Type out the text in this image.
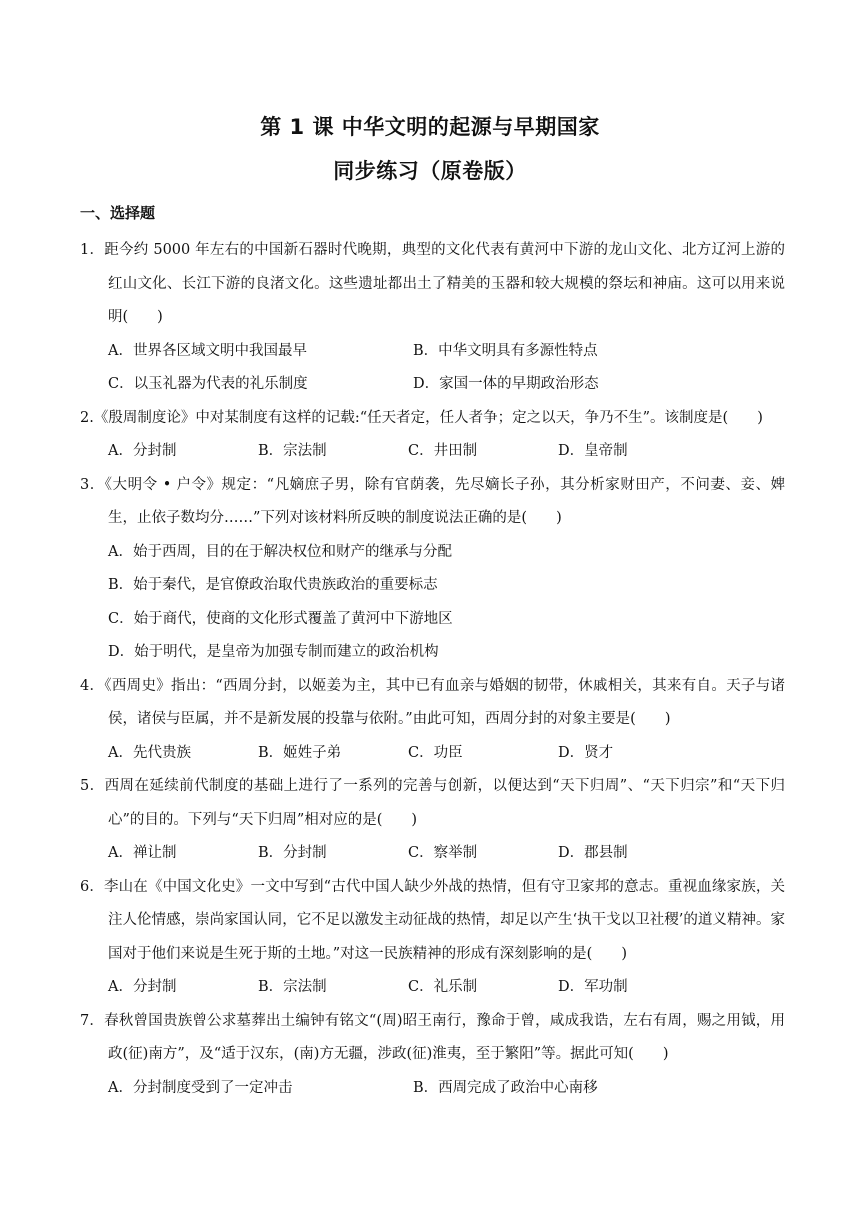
第 1 课 中华文明的起源与早期国家
同步练习（原卷版）
一、选择题

1．距今约 5000 年左右的中国新石器时代晚期，典型的文化代表有黄河中下游的龙山文化、北方辽河上游的红山文化、长江下游的良渚文化。这些遗址都出土了精美的玉器和较大规模的祭坛和神庙。这可以用来说明(　　)

A．世界各区域文明中我国最早	B．中华文明具有多源性特点
C．以玉礼器为代表的礼乐制度	D．家国一体的早期政治形态

2.《殷周制度论》中对某制度有这样的记载:“任天者定，任人者争；定之以天，争乃不生”。该制度是(　　)

A．分封制	B．宗法制	C．井田制	D．皇帝制

3．《大明令 • 户令》规定：“凡嫡庶子男，除有官荫袭，先尽嫡长子孙，其分析家财田产，不问妻、妾、婢生，止依子数均分……”下列对该材料所反映的制度说法正确的是(　　)

A．始于西周，目的在于解决权位和财产的继承与分配
B．始于秦代，是官僚政治取代贵族政治的重要标志
C．始于商代，使商的文化形式覆盖了黄河中下游地区
D．始于明代，是皇帝为加强专制而建立的政治机构

4．《西周史》指出：“西周分封，以姬姜为主，其中已有血亲与婚姻的韧带，休戚相关，其来有自。天子与诸侯，诸侯与臣属，并不是新发展的投靠与依附。”由此可知，西周分封的对象主要是(　　)

A．先代贵族	B．姬姓子弟	C．功臣	D．贤才

5．西周在延续前代制度的基础上进行了一系列的完善与创新，以便达到“天下归周”、“天下归宗”和“天下归心”的目的。下列与“天下归周”相对应的是(　　)

A．禅让制	B．分封制	C．察举制	D．郡县制

6．李山在《中国文化史》一文中写到“古代中国人缺少外战的热情，但有守卫家邦的意志。重视血缘家族，关注人伦情感，崇尚家国认同，它不足以激发主动征战的热情，却足以产生‘执干戈以卫社稷’的道义精神。家国对于他们来说是生死于斯的土地。”对这一民族精神的形成有深刻影响的是(　　)

A．分封制	B．宗法制	C．礼乐制	D．军功制

7．春秋曾国贵族曾公求墓葬出土编钟有铭文“(周)昭王南行，豫命于曾，咸成我诰，左右有周，赐之用钺，用政(征)南方”，及“适于汉东，(南)方无疆，涉政(征)淮夷，至于繁阳”等。据此可知(　　)

A．分封制度受到了一定冲击	B．西周完成了政治中心南移
